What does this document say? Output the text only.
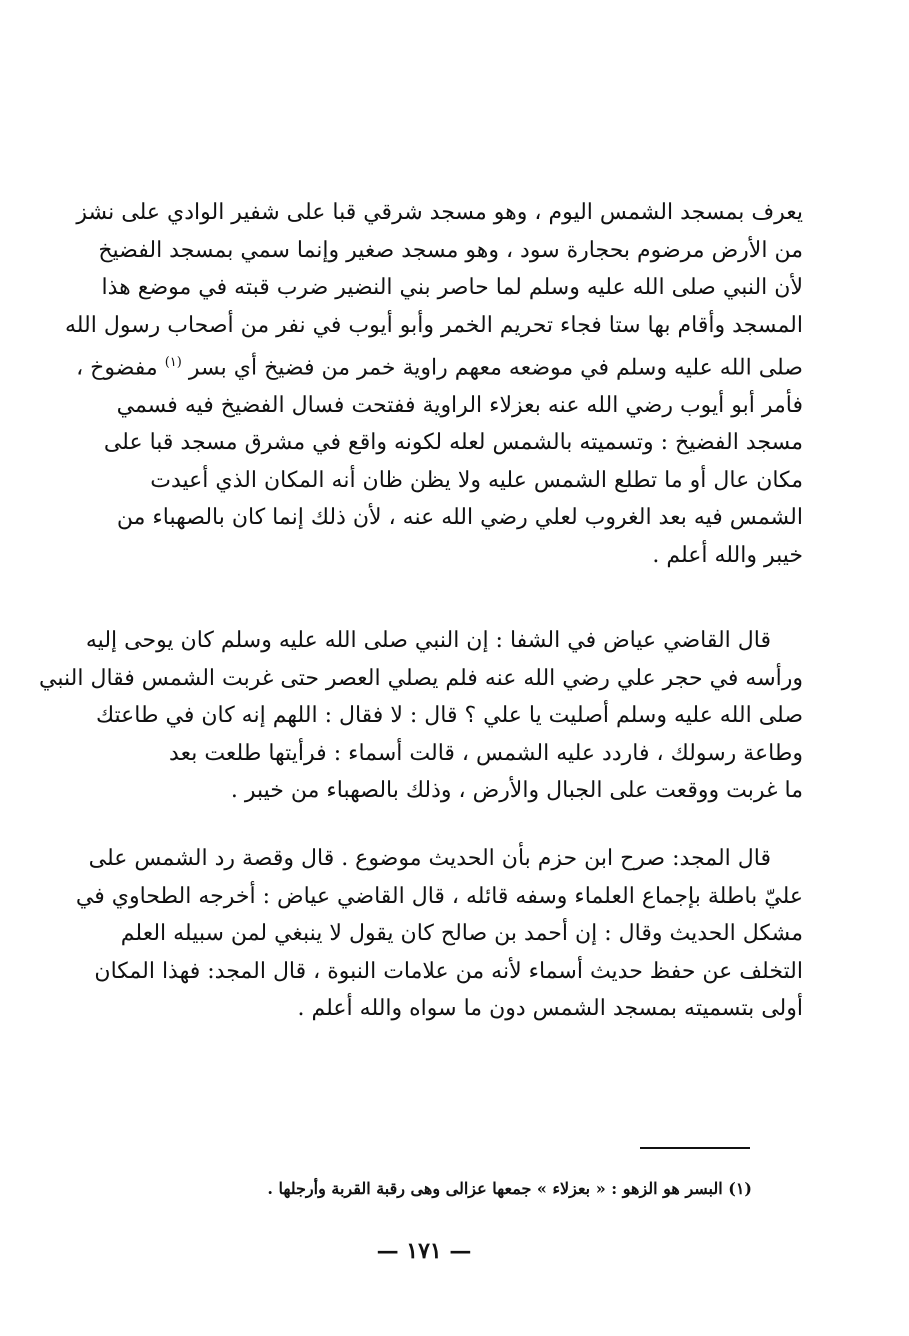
يعرف بمسجد الشمس اليوم ، وهو مسجد شرقي قبا على شفير الوادي على نشز
من الأرض مرضوم بحجارة سود ، وهو مسجد صغير وإنما سمي بمسجد الفضيخ
لأن النبي صلى الله عليه وسلم لما حاصر بني النضير ضرب قبته في موضع هذا
المسجد وأقام بها ستا فجاء تحريم الخمر وأبو أيوب في نفر من أصحاب رسول الله
صلى الله عليه وسلم في موضعه معهم راوية خمر من فضيخ أي بسر $^{(١)}$ مفضوخ ،
فأمر أبو أيوب رضي الله عنه بعزلاء الراوية ففتحت فسال الفضيخ فيه فسمي
مسجد الفضيخ : وتسميته بالشمس لعله لكونه واقع في مشرق مسجد قبا على
مكان عال أو ما تطلع الشمس عليه ولا يظن ظان أنه المكان الذي أعيدت
الشمس فيه بعد الغروب لعلي رضي الله عنه ، لأن ذلك إنما كان بالصهباء من
خيبر والله أعلم .
قال القاضي عياض في الشفا : إن النبي صلى الله عليه وسلم كان يوحى إليه
ورأسه في حجر علي رضي الله عنه فلم يصلي العصر حتى غربت الشمس فقال النبي
صلى الله عليه وسلم أصليت يا علي ؟ قال : لا فقال : اللهم إنه كان في طاعتك
وطاعة رسولك ، فاردد عليه الشمس ، قالت أسماء : فرأيتها طلعت بعد
ما غربت ووقعت على الجبال والأرض ، وذلك بالصهباء من خيبر .
قال المجد: صرح ابن حزم بأن الحديث موضوع . قال وقصة رد الشمس على
عليّ باطلة بإجماع العلماء وسفه قائله ، قال القاضي عياض : أخرجه الطحاوي في
مشكل الحديث وقال : إن أحمد بن صالح كان يقول لا ينبغي لمن سبيله العلم
التخلف عن حفظ حديث أسماء لأنه من علامات النبوة ، قال المجد: فهذا المكان
أولى بتسميته بمسجد الشمس دون ما سواه والله أعلم .
(١) البسر هو الزهو : « بعزلاء » جمعها عزالى وهى رقبة القربة وأرجلها .
— ١٧١ —
